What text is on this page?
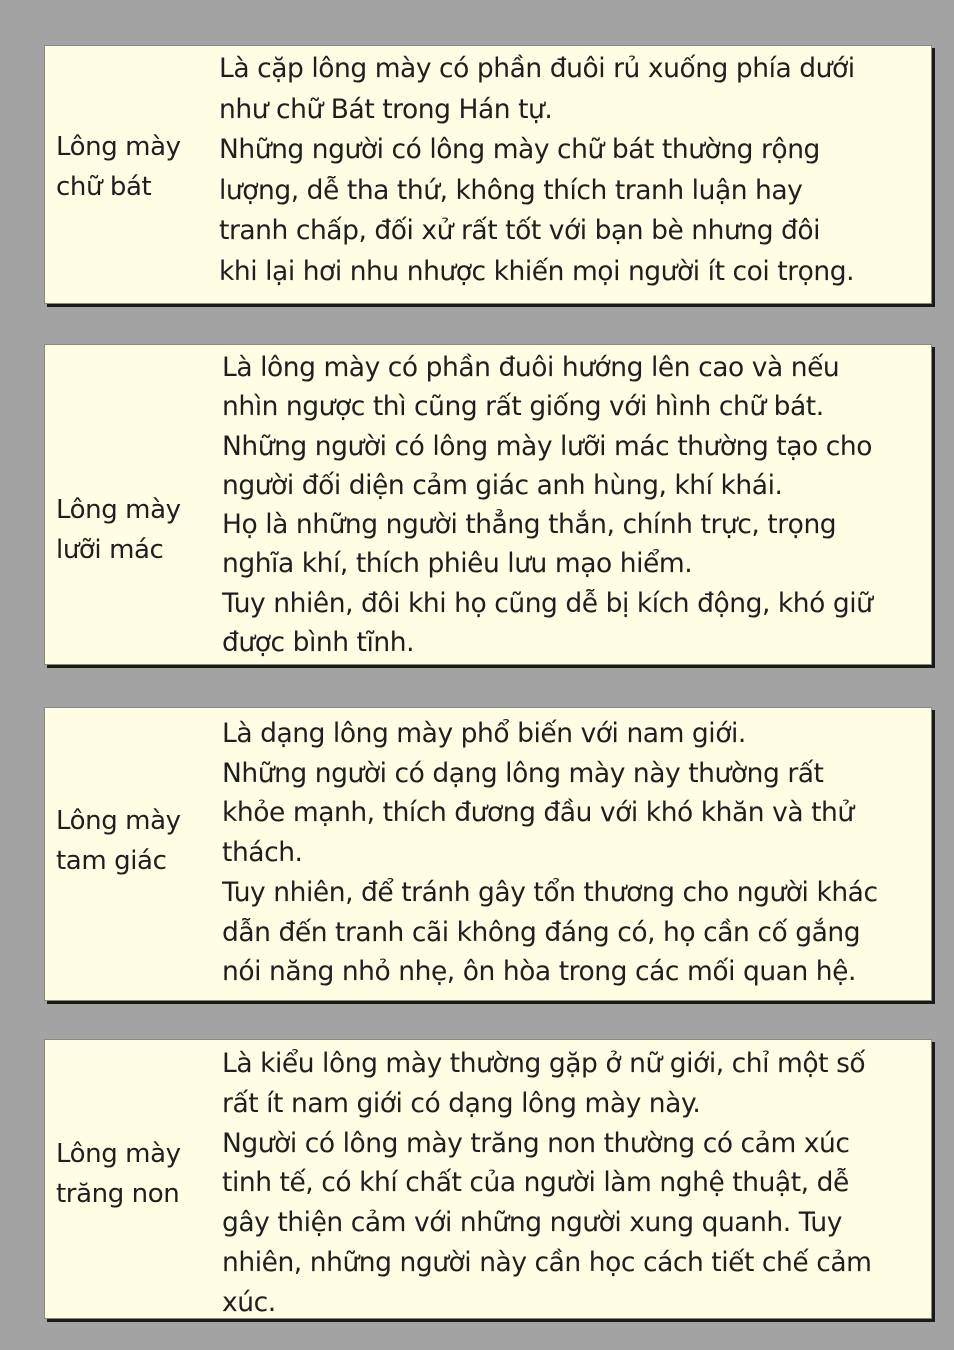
Lông mày
chữ bát
Là cặp lông mày có phần đuôi rủ xuống phía dưới
như chữ Bát trong Hán tự.
Những người có lông mày chữ bát thường rộng
lượng, dễ tha thứ, không thích tranh luận hay
tranh chấp, đối xử rất tốt với bạn bè nhưng đôi
khi lại hơi nhu nhược khiến mọi người ít coi trọng.
Lông mày
lưỡi mác
Là lông mày có phần đuôi hướng lên cao và nếu
nhìn ngược thì cũng rất giống với hình chữ bát.
Những người có lông mày lưỡi mác thường tạo cho
người đối diện cảm giác anh hùng, khí khái.
Họ là những người thẳng thắn, chính trực, trọng
nghĩa khí, thích phiêu lưu mạo hiểm.
Tuy nhiên, đôi khi họ cũng dễ bị kích động, khó giữ
được bình tĩnh.
Lông mày
tam giác
Là dạng lông mày phổ biến với nam giới.
Những người có dạng lông mày này thường rất
khỏe mạnh, thích đương đầu với khó khăn và thử
thách.
Tuy nhiên, để tránh gây tổn thương cho người khác
dẫn đến tranh cãi không đáng có, họ cần cố gắng
nói năng nhỏ nhẹ, ôn hòa trong các mối quan hệ.
Lông mày
trăng non
Là kiểu lông mày thường gặp ở nữ giới, chỉ một số
rất ít nam giới có dạng lông mày này.
Người có lông mày trăng non thường có cảm xúc
tinh tế, có khí chất của người làm nghệ thuật, dễ
gây thiện cảm với những người xung quanh. Tuy
nhiên, những người này cần học cách tiết chế cảm
xúc.
